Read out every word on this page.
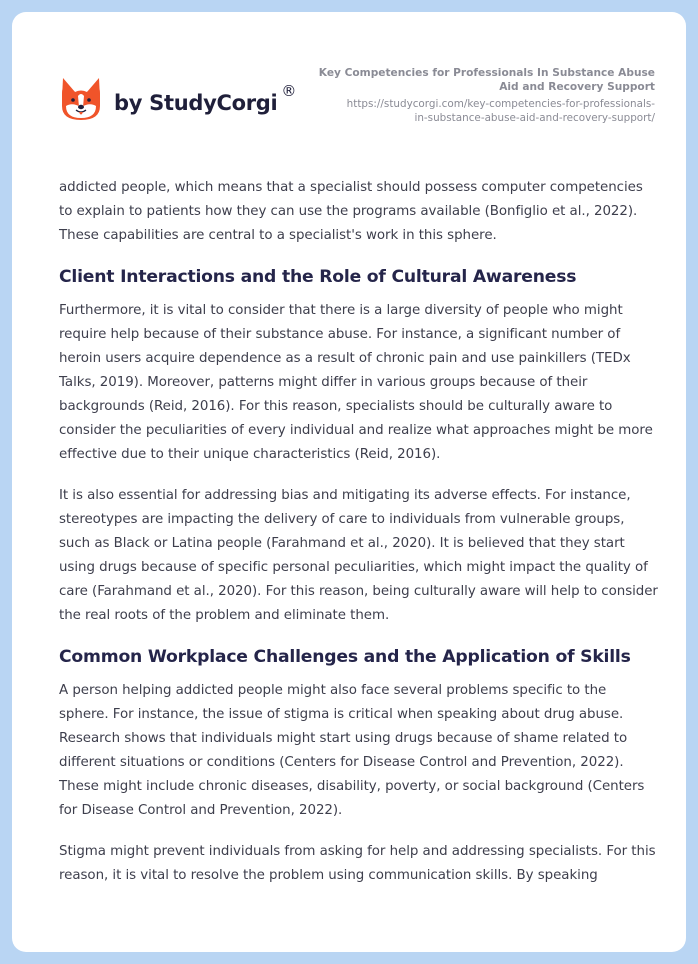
by StudyCorgi ®
Key Competencies for Professionals In Substance Abuse
Aid and Recovery Support
https://studycorgi.com/key-competencies-for-professionals-
in-substance-abuse-aid-and-recovery-support/

addicted people, which means that a specialist should possess computer competencies to explain to patients how they can use the programs available (Bonfiglio et al., 2022). These capabilities are central to a specialist's work in this sphere.

Client Interactions and the Role of Cultural Awareness

Furthermore, it is vital to consider that there is a large diversity of people who might require help because of their substance abuse. For instance, a significant number of heroin users acquire dependence as a result of chronic pain and use painkillers (TEDx Talks, 2019). Moreover, patterns might differ in various groups because of their backgrounds (Reid, 2016). For this reason, specialists should be culturally aware to consider the peculiarities of every individual and realize what approaches might be more effective due to their unique characteristics (Reid, 2016).

It is also essential for addressing bias and mitigating its adverse effects. For instance, stereotypes are impacting the delivery of care to individuals from vulnerable groups, such as Black or Latina people (Farahmand et al., 2020). It is believed that they start using drugs because of specific personal peculiarities, which might impact the quality of care (Farahmand et al., 2020). For this reason, being culturally aware will help to consider the real roots of the problem and eliminate them.

Common Workplace Challenges and the Application of Skills

A person helping addicted people might also face several problems specific to the sphere. For instance, the issue of stigma is critical when speaking about drug abuse. Research shows that individuals might start using drugs because of shame related to different situations or conditions (Centers for Disease Control and Prevention, 2022). These might include chronic diseases, disability, poverty, or social background (Centers for Disease Control and Prevention, 2022).

Stigma might prevent individuals from asking for help and addressing specialists. For this reason, it is vital to resolve the problem using communication skills. By speaking
